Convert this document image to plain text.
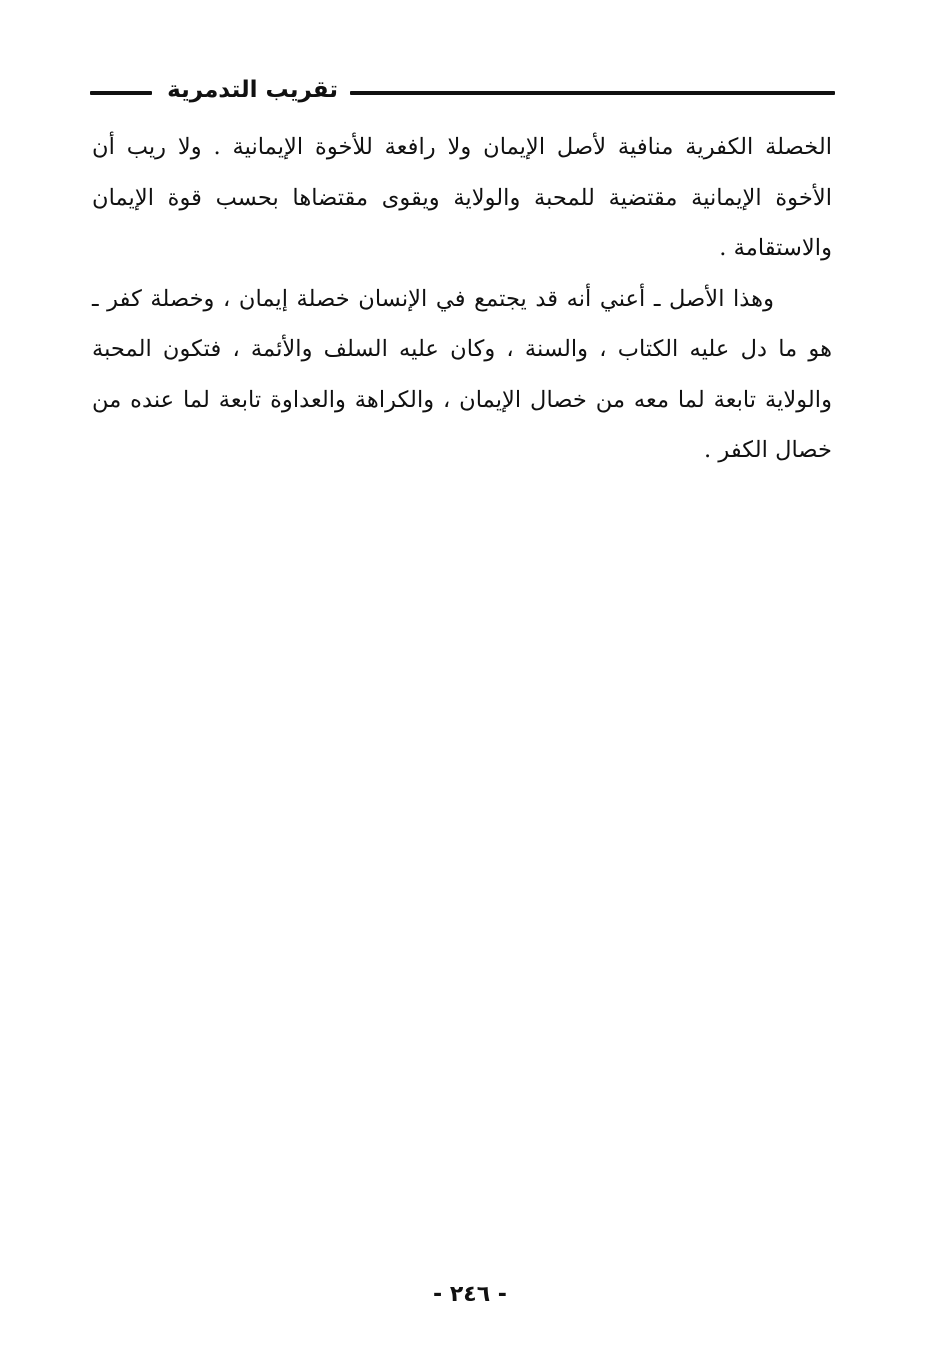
تقريب التدمرية

الخصلة الكفرية منافية لأصل الإيمان ولا رافعة للأخوة الإيمانية . ولا ريب أن الأخوة الإيمانية مقتضية للمحبة والولاية ويقوى مقتضاها بحسب قوة الإيمان والاستقامة .

وهذا الأصل ـ أعني أنه قد يجتمع في الإنسان خصلة إيمان ، وخصلة كفر ـ هو ما دل عليه الكتاب ، والسنة ، وكان عليه السلف والأئمة ، فتكون المحبة والولاية تابعة لما معه من خصال الإيمان ، والكراهة والعداوة تابعة لما عنده من خصال الكفر .

- ٢٤٦ -
